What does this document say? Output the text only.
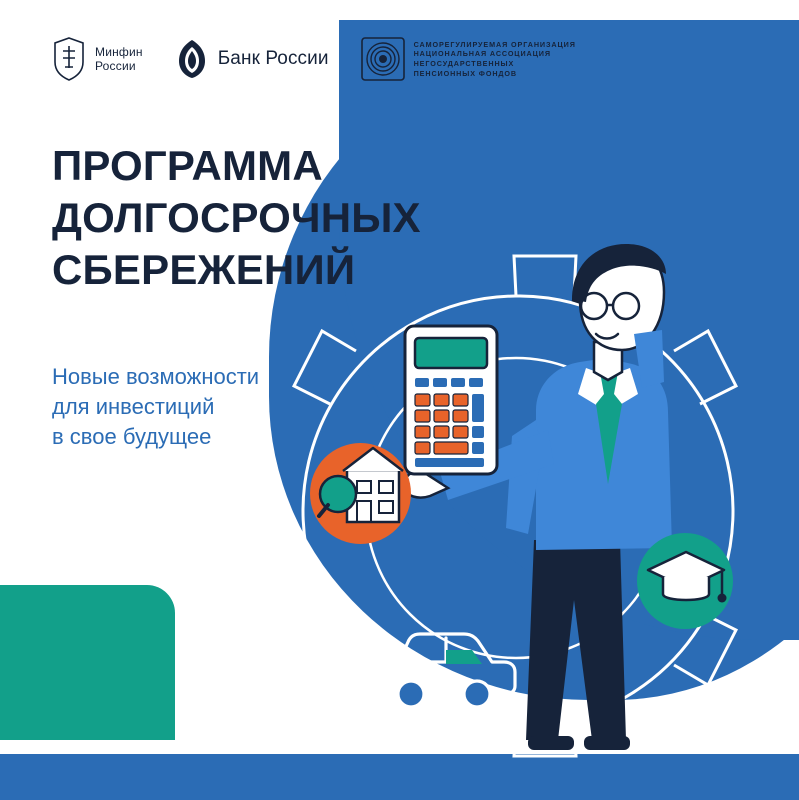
Минфин
России	Банк России
САМОРЕГУЛИРУЕМАЯ ОРГАНИЗАЦИЯ
НАЦИОНАЛЬНАЯ АССОЦИАЦИЯ
НЕГОСУДАРСТВЕННЫХ
ПЕНСИОННЫХ ФОНДОВ
ПРОГРАММА
ДОЛГОСРОЧНЫХ
СБЕРЕЖЕНИЙ
Новые возможности
для инвестиций
в свое будущее
